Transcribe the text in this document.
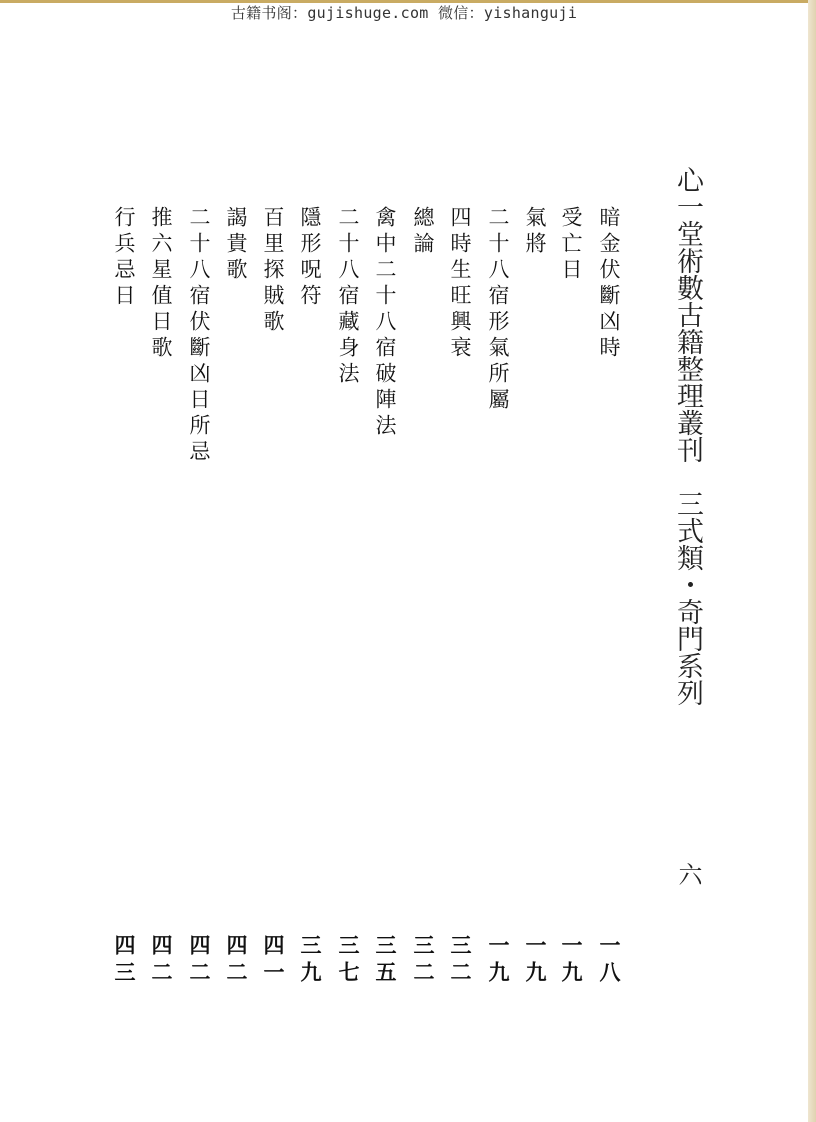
古籍书阁：gujishuge.com 微信：yishanguji
心一堂術數古籍整理叢刊　三式類・奇門系列
六
暗金伏斷凶時
受亡日
氣將
二十八宿形氣所屬
四時生旺興衰
總論
禽中二十八宿破陣法
二十八宿藏身法
隱形呪符
百里探賊歌
謁貴歌
二十八宿伏斷凶日所忌
推六星值日歌
行兵忌日
一八
一九
一九
一九
三二
三二
三五
三七
三九
四一
四二
四二
四二
四三
